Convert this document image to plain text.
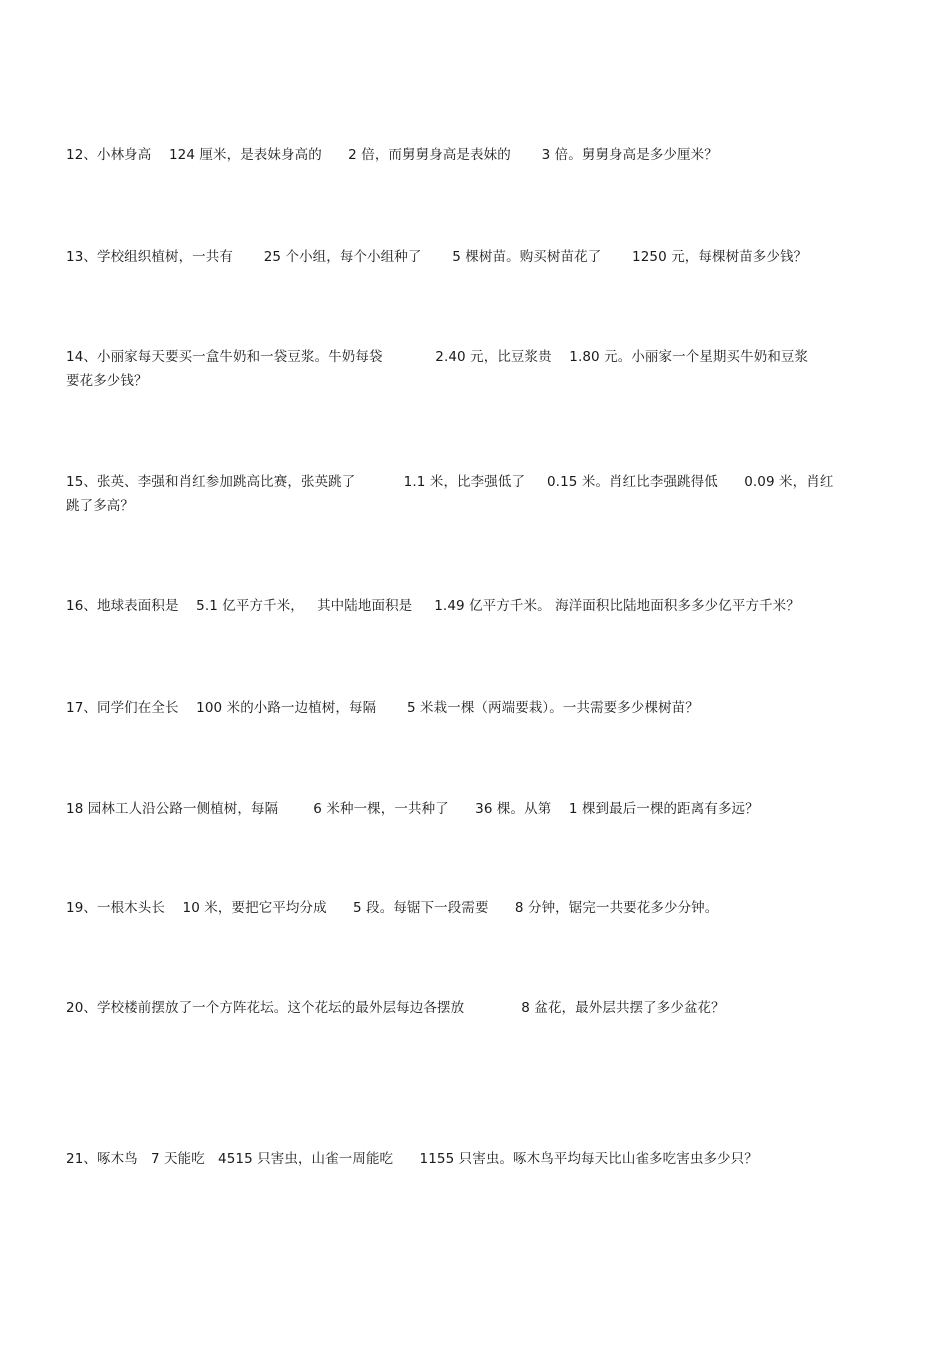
12、小林身高    124 厘米，是表妹身高的      2 倍，而舅舅身高是表妹的       3 倍。舅舅身高是多少厘米？
13、学校组织植树，一共有       25 个小组，每个小组种了       5 棵树苗。购买树苗花了       1250 元，每棵树苗多少钱？
14、小丽家每天要买一盒牛奶和一袋豆浆。牛奶每袋            2.40 元，比豆浆贵    1.80 元。小丽家一个星期买牛奶和豆浆
要花多少钱？
15、张英、李强和肖红参加跳高比赛，张英跳了           1.1 米，比李强低了     0.15 米。肖红比李强跳得低      0.09 米，肖红
跳了多高？
16、地球表面积是    5.1 亿平方千米，   其中陆地面积是     1.49 亿平方千米。 海洋面积比陆地面积多多少亿平方千米？
17、同学们在全长    100 米的小路一边植树，每隔       5 米栽一棵（两端要栽）。一共需要多少棵树苗？
18 园林工人沿公路一侧植树，每隔        6 米种一棵，一共种了      36 棵。从第    1 棵到最后一棵的距离有多远？
19、一根木头长    10 米，要把它平均分成      5 段。每锯下一段需要      8 分钟，锯完一共要花多少分钟。
20、学校楼前摆放了一个方阵花坛。这个花坛的最外层每边各摆放             8 盆花，最外层共摆了多少盆花？
21、啄木鸟   7 天能吃   4515 只害虫，山雀一周能吃      1155 只害虫。啄木鸟平均每天比山雀多吃害虫多少只？
